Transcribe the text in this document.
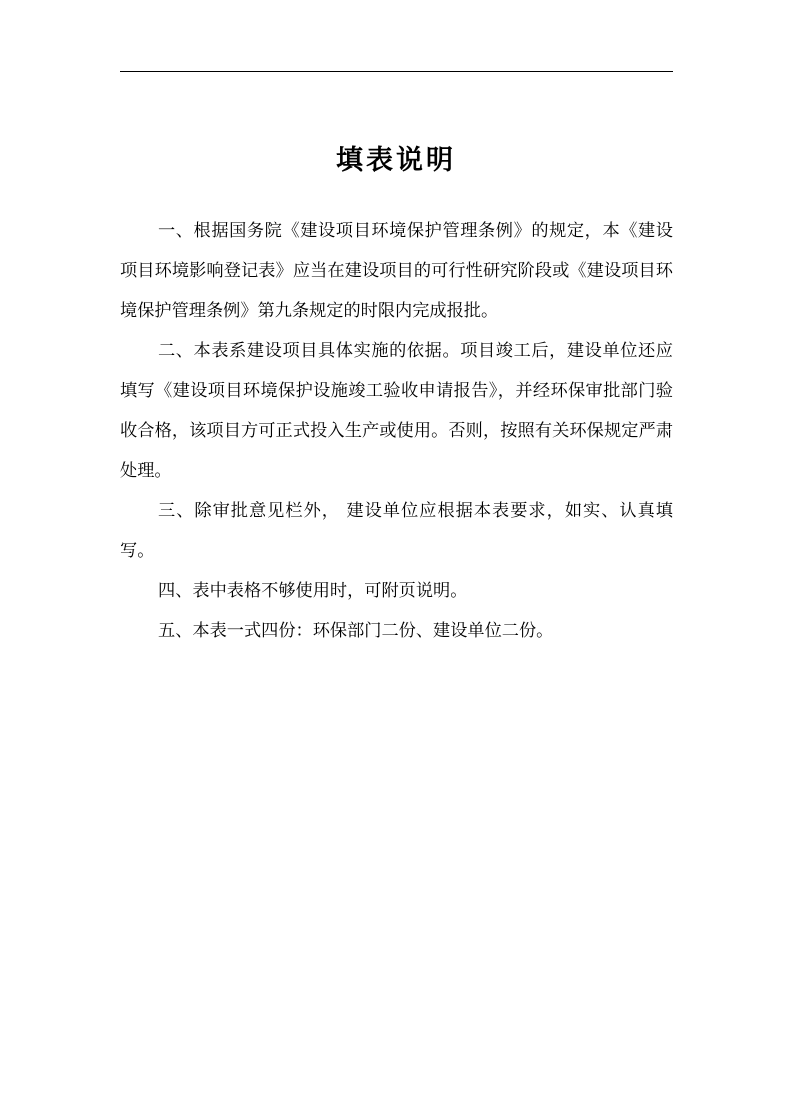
填表说明

一、根据国务院《建设项目环境保护管理条例》的规定，本《建设项目环境影响登记表》应当在建设项目的可行性研究阶段或《建设项目环境保护管理条例》第九条规定的时限内完成报批。

二、本表系建设项目具体实施的依据。项目竣工后，建设单位还应填写《建设项目环境保护设施竣工验收申请报告》，并经环保审批部门验收合格，该项目方可正式投入生产或使用。否则，按照有关环保规定严肃处理。

三、除审批意见栏外， 建设单位应根据本表要求，如实、认真填写。

四、表中表格不够使用时，可附页说明。

五、本表一式四份：环保部门二份、建设单位二份。
